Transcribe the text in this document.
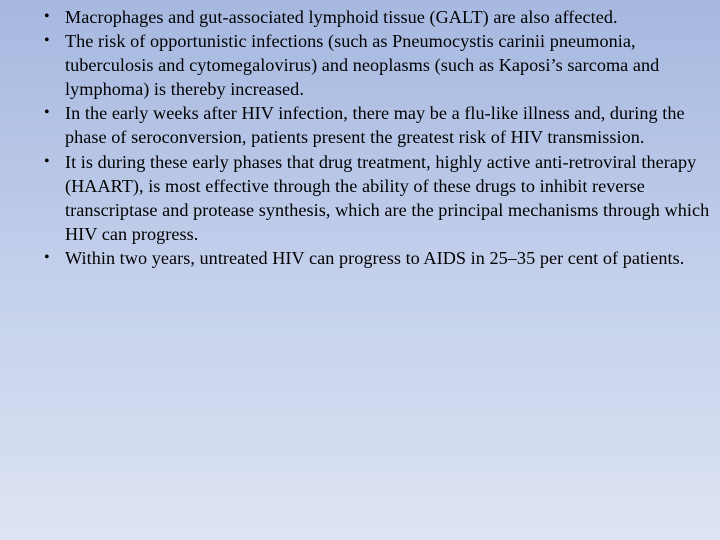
• Macrophages and gut-associated lymphoid tissue (GALT) are also affected.
• The risk of opportunistic infections (such as Pneumocystis carinii pneumonia, tuberculosis and cytomegalovirus) and neoplasms (such as Kaposi’s sarcoma and lymphoma) is thereby increased.
• In the early weeks after HIV infection, there may be a flu-like illness and, during the phase of seroconversion, patients present the greatest risk of HIV transmission.
• It is during these early phases that drug treatment, highly active anti-retroviral therapy (HAART), is most effective through the ability of these drugs to inhibit reverse transcriptase and protease synthesis, which are the principal mechanisms through which HIV can progress.
• Within two years, untreated HIV can progress to AIDS in 25–35 per cent of patients.
